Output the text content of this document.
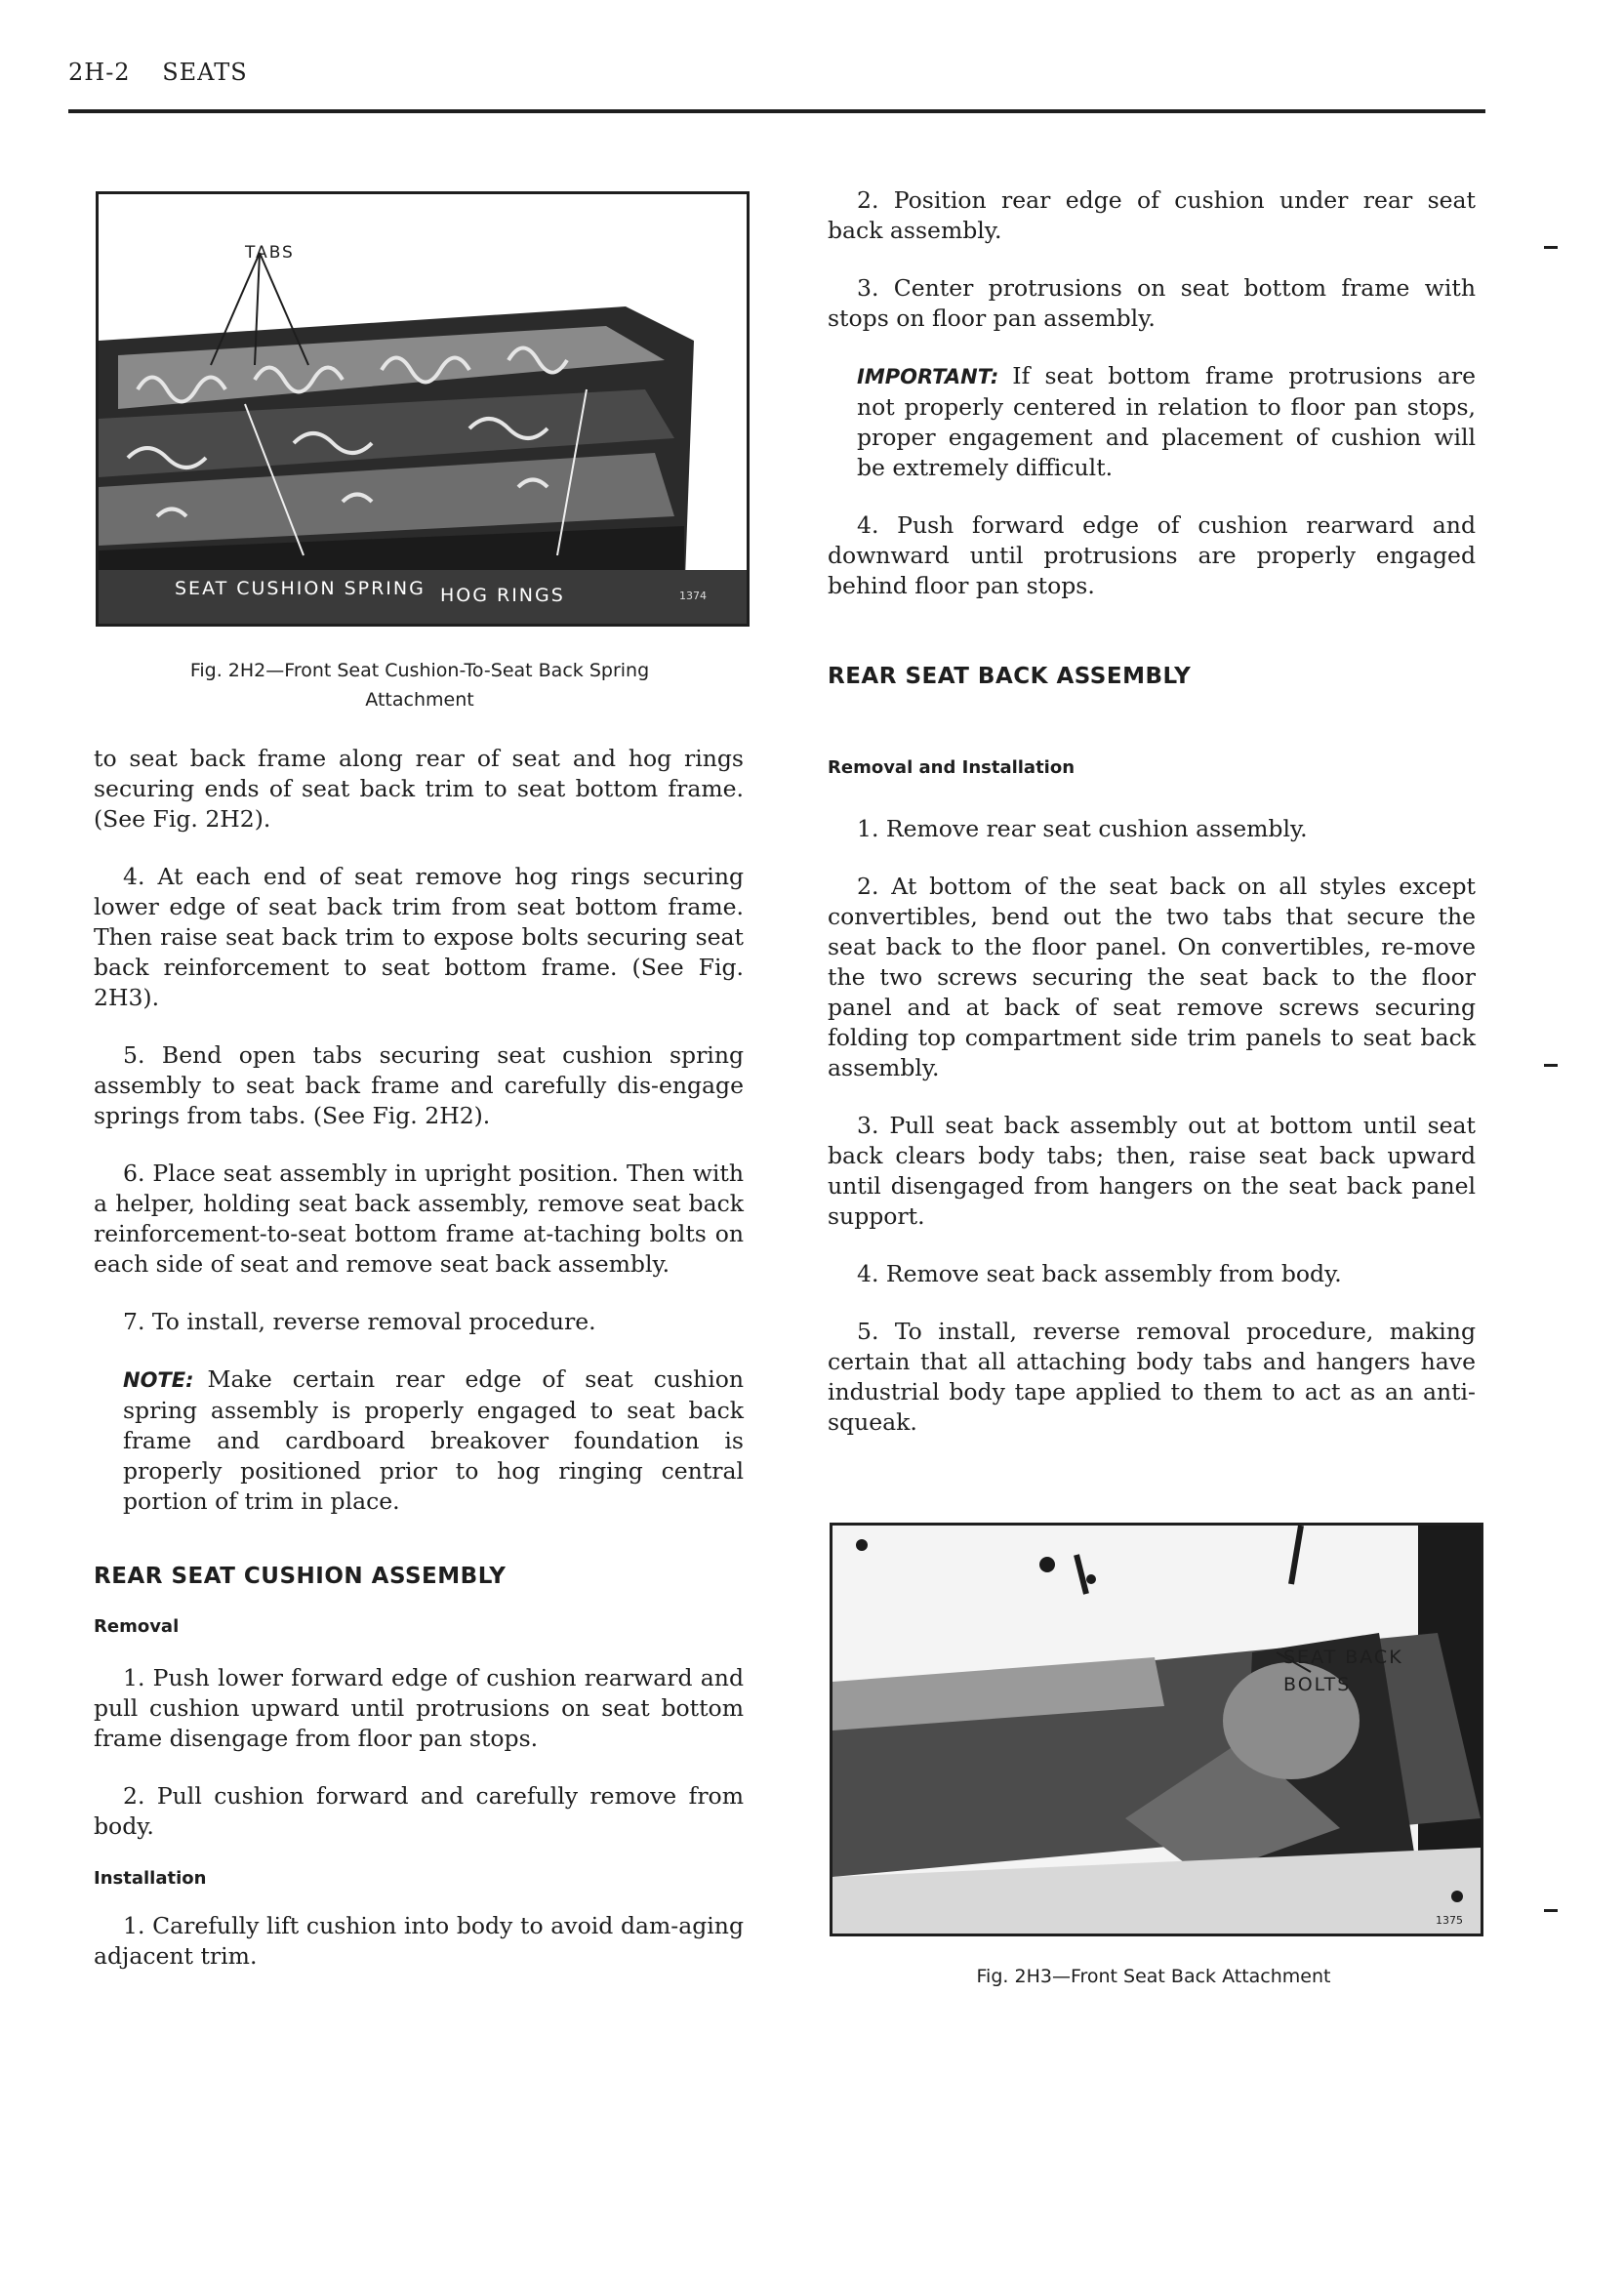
2H-2 SEATS
TABS
SEAT CUSHION SPRING HOG RINGS	1374
Fig. 2H2—Front Seat Cushion-To-Seat Back Spring
Attachment

to seat back frame along rear of seat and hog rings securing ends of seat back trim to seat bottom frame. (See Fig. 2H2).

4. At each end of seat remove hog rings securing lower edge of seat back trim from seat bottom frame. Then raise seat back trim to expose bolts securing seat back reinforcement to seat bottom frame. (See Fig. 2H3).

5. Bend open tabs securing seat cushion spring assembly to seat back frame and carefully dis-engage springs from tabs. (See Fig. 2H2).

6. Place seat assembly in upright position. Then with a helper, holding seat back assembly, remove seat back reinforcement-to-seat bottom frame at-taching bolts on each side of seat and remove seat back assembly.

7. To install, reverse removal procedure.

NOTE: Make certain rear edge of seat cushion spring assembly is properly engaged to seat back frame and cardboard breakover foundation is properly positioned prior to hog ringing central portion of trim in place.

REAR SEAT CUSHION ASSEMBLY
Removal

1. Push lower forward edge of cushion rearward and pull cushion upward until protrusions on seat bottom frame disengage from floor pan stops.

2. Pull cushion forward and carefully remove from body.

Installation

1. Carefully lift cushion into body to avoid dam-aging adjacent trim.

2. Position rear edge of cushion under rear seat back assembly.

3. Center protrusions on seat bottom frame with stops on floor pan assembly.

IMPORTANT: If seat bottom frame protrusions are not properly centered in relation to floor pan stops, proper engagement and placement of cushion will be extremely difficult.

4. Push forward edge of cushion rearward and downward until protrusions are properly engaged behind floor pan stops.

REAR SEAT BACK ASSEMBLY
Removal and Installation

1. Remove rear seat cushion assembly.

2. At bottom of the seat back on all styles except convertibles, bend out the two tabs that secure the seat back to the floor panel. On convertibles, re-move the two screws securing the seat back to the floor panel and at back of seat remove screws securing folding top compartment side trim panels to seat back assembly.

3. Pull seat back assembly out at bottom until seat back clears body tabs; then, raise seat back upward until disengaged from hangers on the seat back panel support.

4. Remove seat back assembly from body.

5. To install, reverse removal procedure, making certain that all attaching body tabs and hangers have industrial body tape applied to them to act as an anti-squeak.

SEAT BACK
BOLTS
1375
Fig. 2H3—Front Seat Back Attachment
